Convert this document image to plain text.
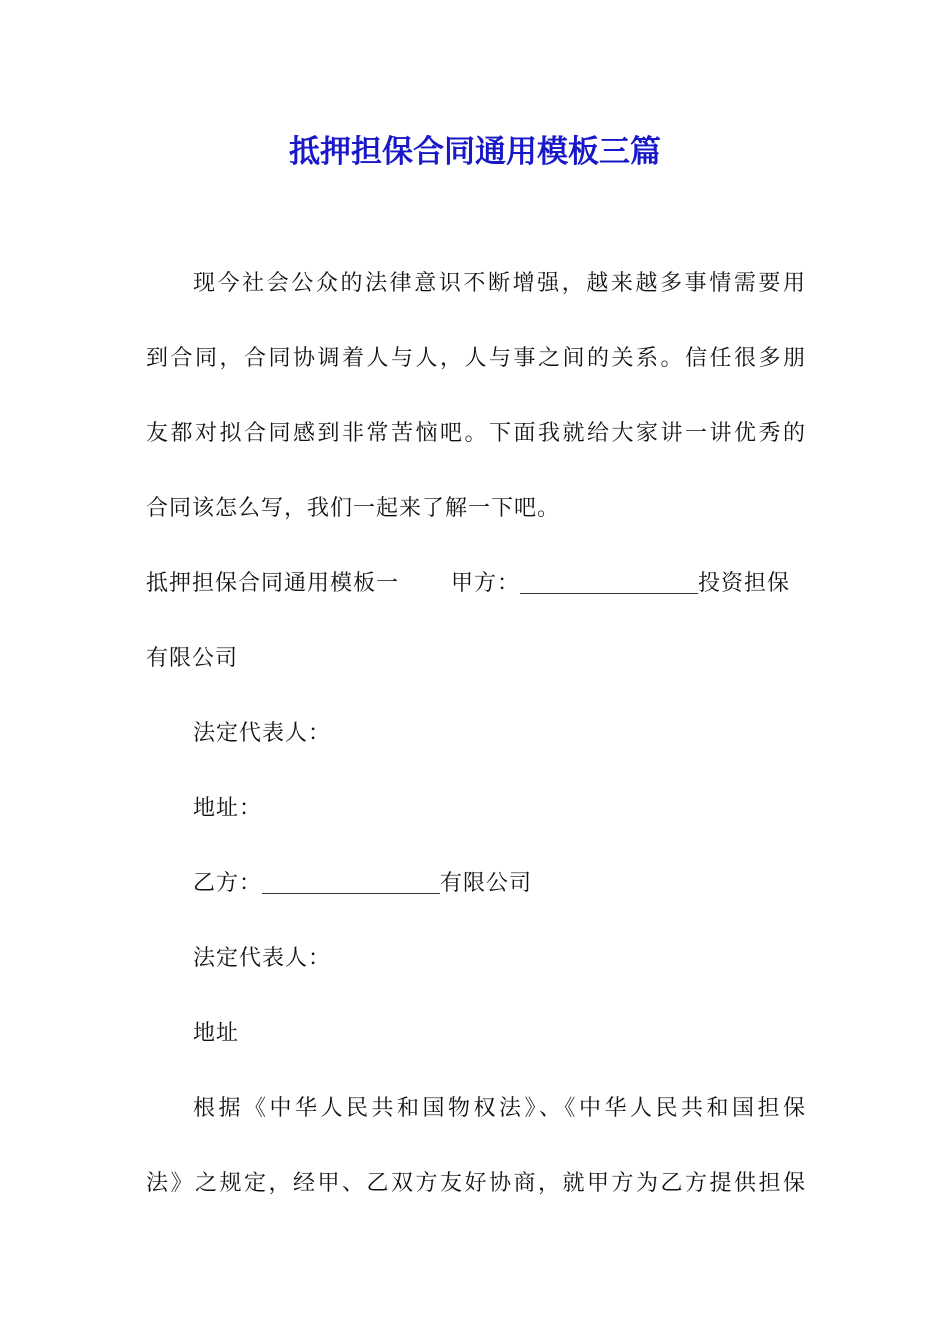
抵押担保合同通用模板三篇

现今社会公众的法律意识不断增强，越来越多事情需要用

到合同，合同协调着人与人，人与事之间的关系。信任很多朋

友都对拟合同感到非常苦恼吧。下面我就给大家讲一讲优秀的

合同该怎么写，我们一起来了解一下吧。

抵押担保合同通用模板一 甲方：	投资担保

有限公司

法定代表人：

地址：

乙方：	有限公司

法定代表人：

地址

根据《中华人民共和国物权法》、《中华人民共和国担保

法》之规定，经甲、乙双方友好协商，就甲方为乙方提供担保
